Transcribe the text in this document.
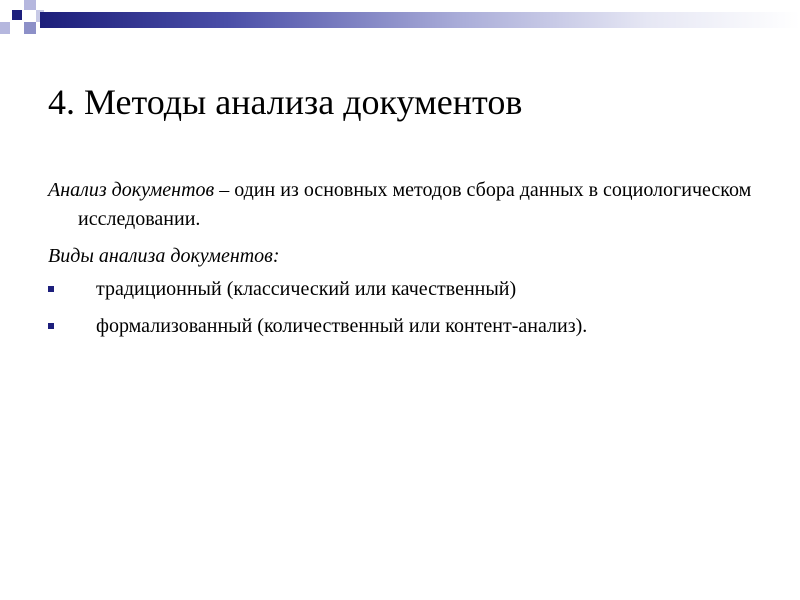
4. Методы анализа документов

Анализ документов – один из основных методов сбора данных в социологическом исследовании.

Виды анализа документов:

традиционный (классический или качественный)
формализованный (количественный или контент-анализ).
